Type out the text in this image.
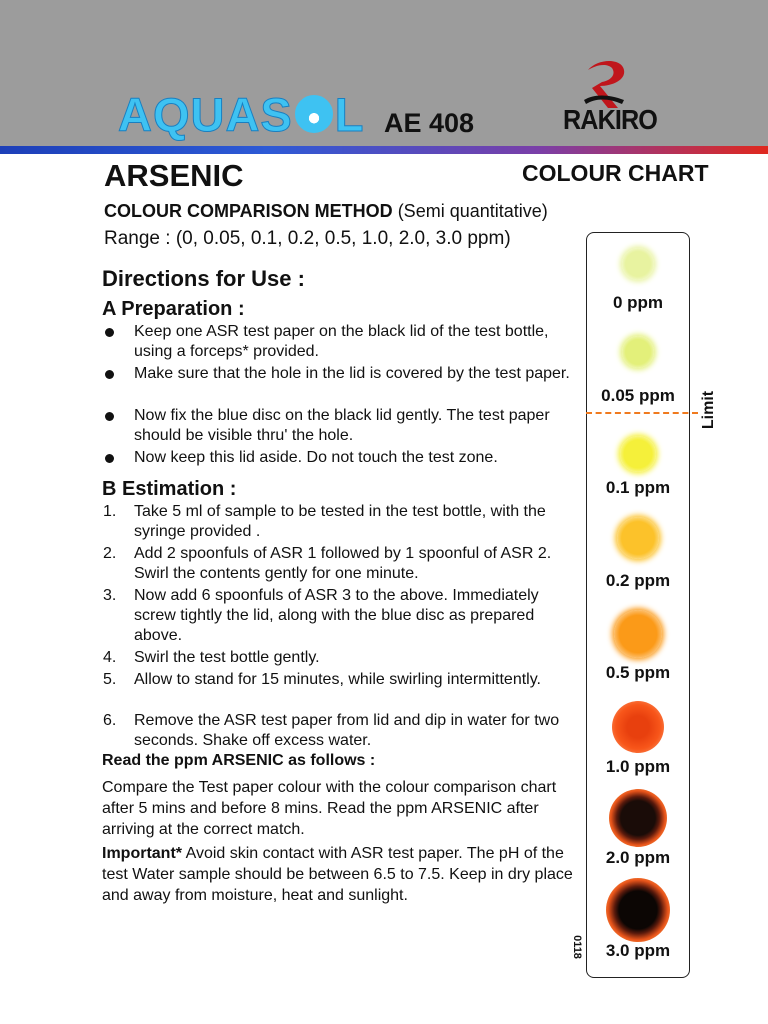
AQUAS L AE 408	RAKIRO
ARSENIC	COLOUR CHART
COLOUR COMPARISON METHOD (Semi quantitative)
Range : (0, 0.05, 0.1, 0.2, 0.5, 1.0, 2.0, 3.0 ppm)
Directions for Use :
A Preparation :
Keep one ASR test paper on the black lid of the test bottle, using a forceps* provided.
Make sure that the hole in the lid is covered by the test paper.
Now fix the blue disc on the black lid gently. The test paper should be visible thru' the hole.
Now keep this lid aside. Do not touch the test zone.
B Estimation :
1. Take 5 ml of sample to be tested in the test bottle, with the syringe provided .
2. Add 2 spoonfuls of ASR 1 followed by 1 spoonful of ASR 2. Swirl the contents gently for one minute.
3. Now add 6 spoonfuls of ASR 3 to the above. Immediately screw tightly the lid, along with the blue disc as prepared above.
4. Swirl the test bottle gently.
5. Allow to stand for 15 minutes, while swirling intermittently.
6. Remove the ASR test paper from lid and dip in water for two seconds. Shake off excess water.
Read the ppm ARSENIC as follows :
Compare the Test paper colour with the colour comparison chart after 5 mins and before 8 mins. Read the ppm ARSENIC after arriving at the correct match.
Important* Avoid skin contact with ASR test paper. The pH of the test Water sample should be between 6.5 to 7.5. Keep in dry place and away from moisture, heat and sunlight.
0 ppm
0.05 ppm	Limit
0.1 ppm
0.2 ppm
0.5 ppm
1.0 ppm
2.0 ppm
3.0 ppm
0118
